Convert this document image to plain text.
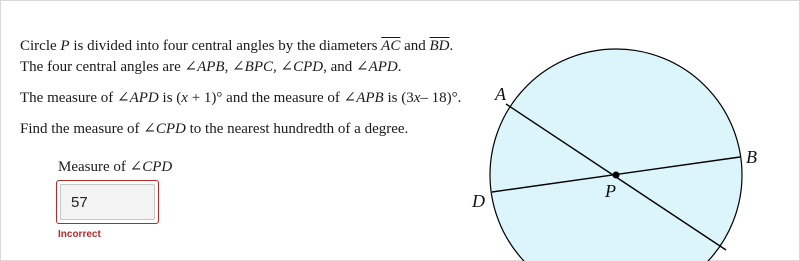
Circle P is divided into four central angles by the diameters $\overline{AC}$ and $\overline{BD}$.
The four central angles are ∠APB, ∠BPC, ∠CPD, and ∠APD.

The measure of ∠APD is (x + 1)° and the measure of ∠APB is (3x– 18)°.

Find the measure of ∠CPD to the nearest hundredth of a degree.

Measure of ∠CPD
57
Incorrect
A
B
D	P
